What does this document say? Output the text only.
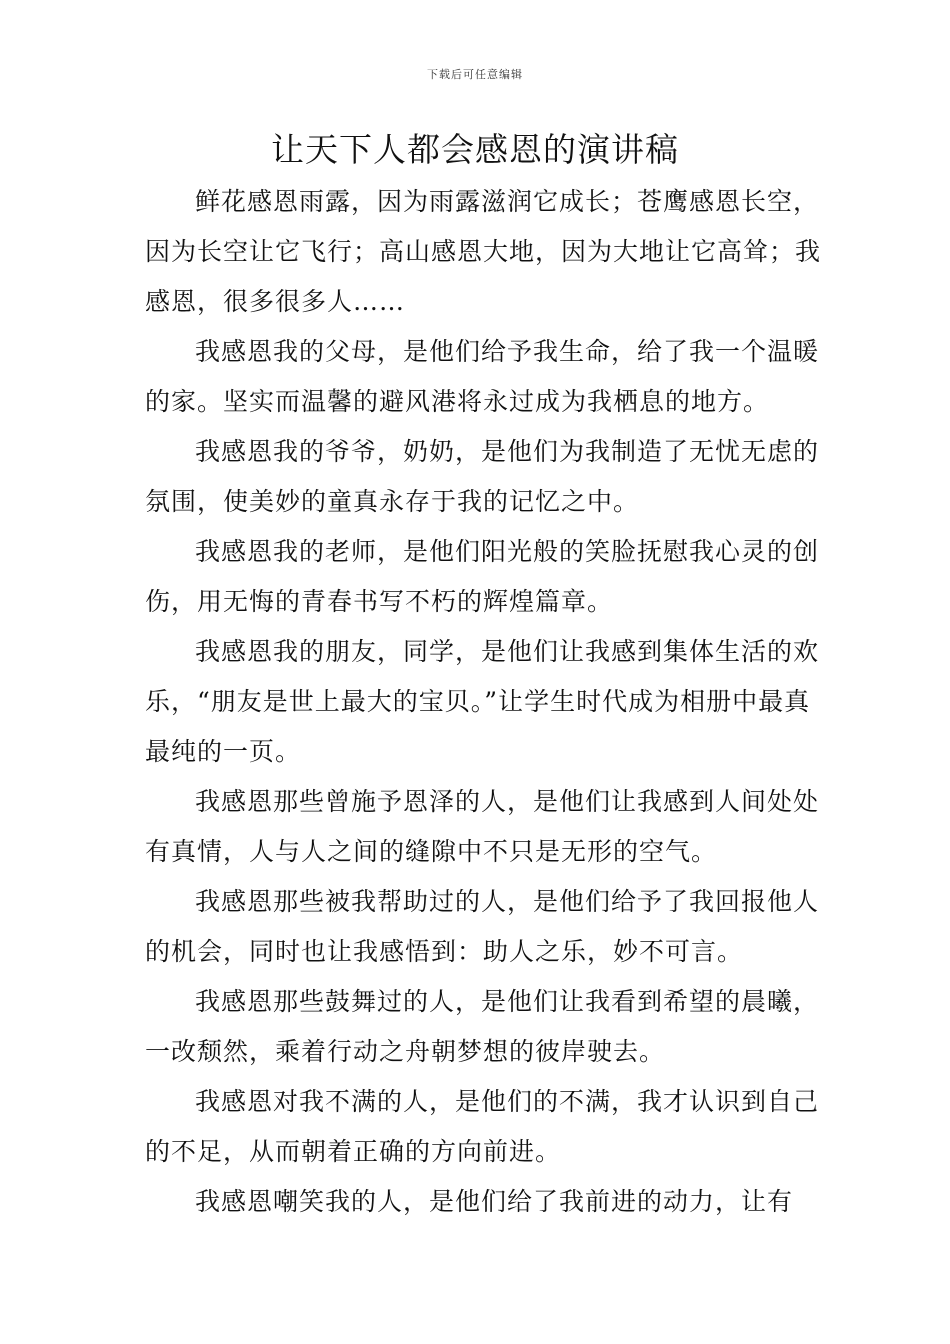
下载后可任意编辑
让天下人都会感恩的演讲稿

鲜花感恩雨露，因为雨露滋润它成长；苍鹰感恩长空，因为长空让它飞行；高山感恩大地，因为大地让它高耸；我感恩，很多很多人……

我感恩我的父母，是他们给予我生命，给了我一个温暖的家。坚实而温馨的避风港将永过成为我栖息的地方。

我感恩我的爷爷，奶奶，是他们为我制造了无忧无虑的氛围，使美妙的童真永存于我的记忆之中。

我感恩我的老师，是他们阳光般的笑脸抚慰我心灵的创伤，用无悔的青春书写不朽的辉煌篇章。

我感恩我的朋友，同学，是他们让我感到集体生活的欢乐，“朋友是世上最大的宝贝。”让学生时代成为相册中最真最纯的一页。

我感恩那些曾施予恩泽的人，是他们让我感到人间处处有真情，人与人之间的缝隙中不只是无形的空气。

我感恩那些被我帮助过的人，是他们给予了我回报他人的机会，同时也让我感悟到：助人之乐，妙不可言。

我感恩那些鼓舞过的人，是他们让我看到希望的晨曦，一改颓然，乘着行动之舟朝梦想的彼岸驶去。

我感恩对我不满的人，是他们的不满，我才认识到自己的不足，从而朝着正确的方向前进。

我感恩嘲笑我的人，是他们给了我前进的动力，让有
